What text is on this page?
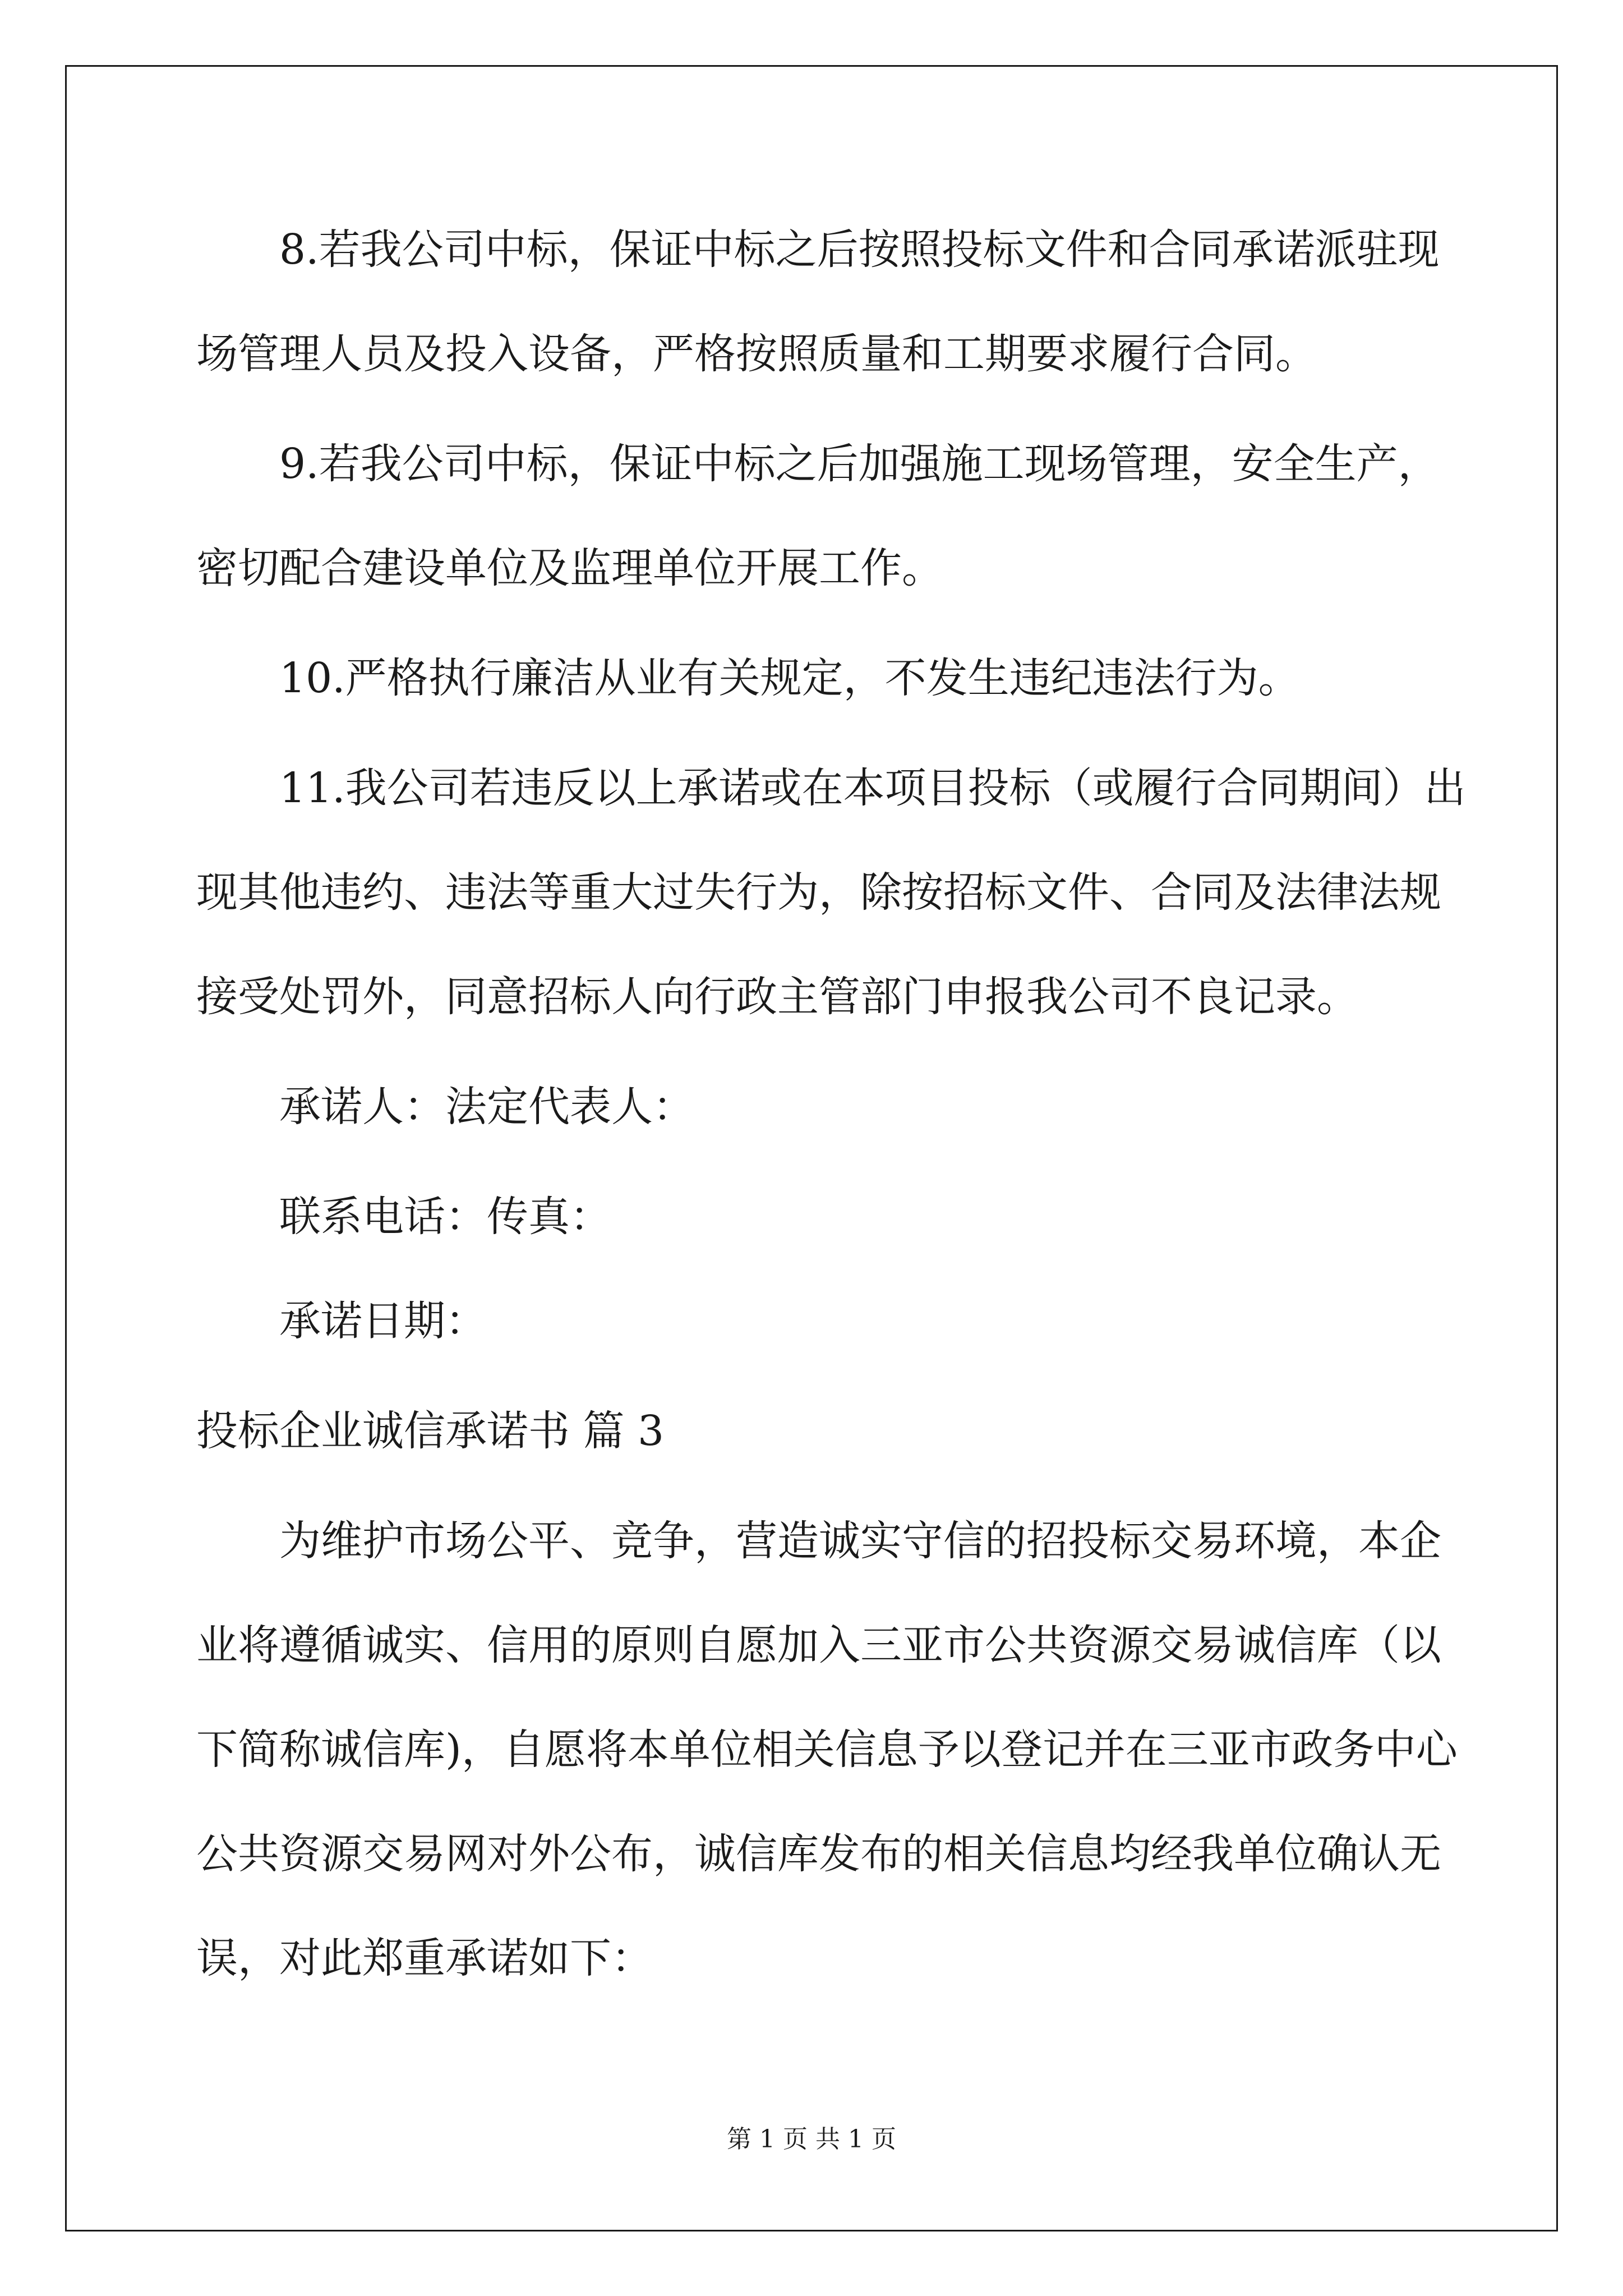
8.若我公司中标，保证中标之后按照投标文件和合同承诺派驻现
场管理人员及投入设备，严格按照质量和工期要求履行合同。
9.若我公司中标，保证中标之后加强施工现场管理，安全生产，
密切配合建设单位及监理单位开展工作。
10.严格执行廉洁从业有关规定，不发生违纪违法行为。
11.我公司若违反以上承诺或在本项目投标（或履行合同期间）出
现其他违约、违法等重大过失行为，除按招标文件、合同及法律法规
接受处罚外，同意招标人向行政主管部门申报我公司不良记录。
承诺人：法定代表人：
联系电话：传真：
承诺日期：
投标企业诚信承诺书 篇 3
为维护市场公平、竞争，营造诚实守信的招投标交易环境，本企
业将遵循诚实、信用的原则自愿加入三亚市公共资源交易诚信库（以
下简称诚信库)，自愿将本单位相关信息予以登记并在三亚市政务中心
公共资源交易网对外公布，诚信库发布的相关信息均经我单位确认无
误，对此郑重承诺如下：
第 1 页 共 1 页
